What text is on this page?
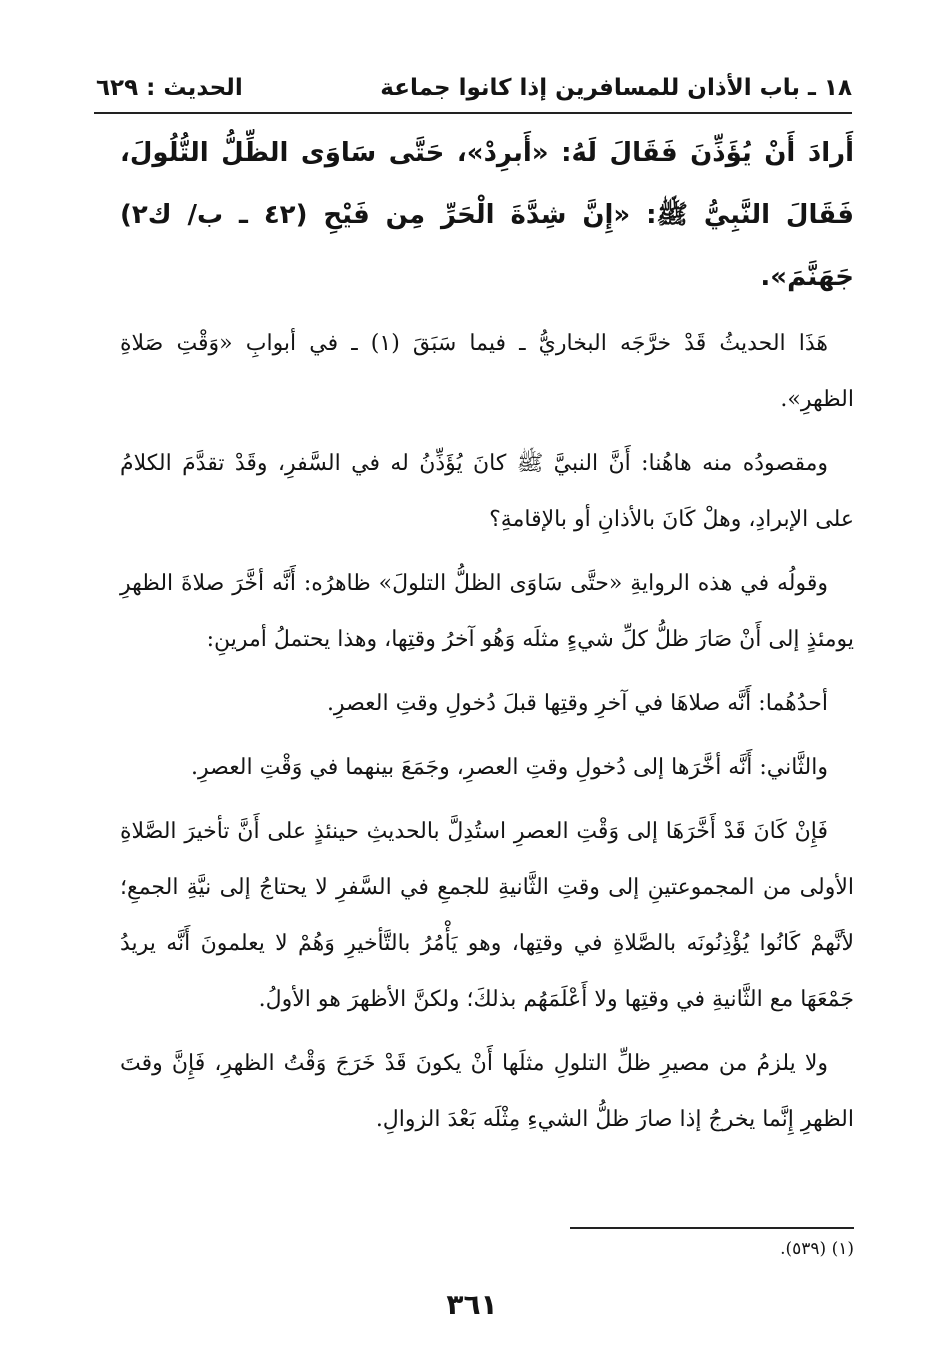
١٨ ـ باب الأذان للمسافرين إذا كانوا جماعة
الحديث : ٦٢٩

أَرادَ أَنْ يُؤَذِّنَ فَقَالَ لَهُ: «أَبرِدْ»، حَتَّى سَاوَى الظِّلُّ التُّلُولَ، فَقَالَ النَّبِيُّ ﷺ: «إِنَّ شِدَّةَ الْحَرِّ مِن فَيْحِ (٤٢ ـ ب/ ك٢) جَهَنَّمَ».

هَذَا الحديثُ قَدْ خرَّجَه البخاريُّ ـ فيما سَبَقَ (١) ـ في أبوابِ «وَقْتِ صَلاةِ الظهرِ».

ومقصودُه منه هاهُنا: أَنَّ النبيَّ ﷺ كانَ يُؤَذِّنُ له في السَّفرِ، وقَدْ تقدَّمَ الكلامُ على الإبرادِ، وهلْ كَانَ بالأذانِ أو بالإقامةِ؟

وقولُه في هذه الروايةِ «حتَّى سَاوَى الظلُّ التلولَ» ظاهرُه: أَنَّه أخَّرَ صلاةَ الظهرِ يومئذٍ إلى أَنْ صَارَ ظلُّ كلِّ شيءٍ مثلَه وَهُو آخرُ وقتِها، وهذا يحتملُ أمرينِ:

أحدُهُما: أَنَّه صلاهَا في آخرِ وقتِها قبلَ دُخولِ وقتِ العصرِ.

والثَّاني: أَنَّه أخَّرَها إلى دُخولِ وقتِ العصرِ، وجَمَعَ بينهما في وَقْتِ العصرِ.

فَإِنْ كَانَ قَدْ أَخَّرَهَا إلى وَقْتِ العصرِ استُدِلَّ بالحديثِ حينئذٍ على أَنَّ تأخيرَ الصَّلاةِ الأولى من المجموعتينِ إلى وقتِ الثَّانيةِ للجمعِ في السَّفرِ لا يحتاجُ إلى نيَّةِ الجمعِ؛ لأنَّهمْ كَانُوا يُؤْذِنُونَه بالصَّلاةِ في وقتِها، وهو يَأْمُرُ بالتَّأخيرِ وَهُمْ لا يعلمونَ أَنَّه يريدُ جَمْعَهَا مع الثَّانيةِ في وقتِها ولا أَعْلَمَهُم بذلكَ؛ ولكنَّ الأظهرَ هو الأولُ.

ولا يلزمُ من مصيرِ ظلِّ التلولِ مثلَها أَنْ يكونَ قَدْ خَرَجَ وَقْتُ الظهرِ، فَإِنَّ وقتَ الظهرِ إِنَّما يخرجُ إذا صارَ ظلُّ الشيءِ مِثْلَه بَعْدَ الزوالِ.

(١) (٥٣٩).
٣٦١
